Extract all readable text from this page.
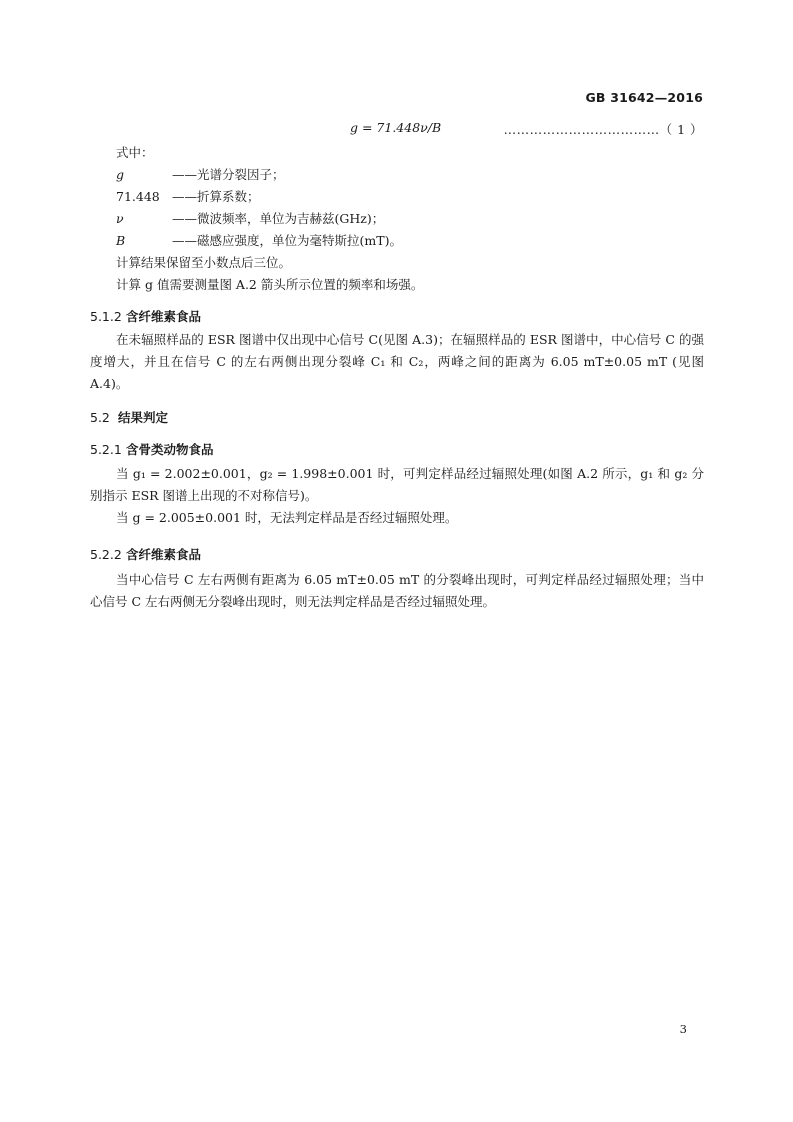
GB 31642—2016
g = 71.448ν/B	………………………………（ 1 ）
式中：
g	——光谱分裂因子；
71.448 ——折算系数；
ν	——微波频率，单位为吉赫兹(GHz)；
B	——磁感应强度，单位为毫特斯拉(mT)。
计算结果保留至小数点后三位。
计算 g 值需要测量图 A.2 箭头所示位置的频率和场强。
5.1.2 含纤维素食品

在未辐照样品的 ESR 图谱中仅出现中心信号 C(见图 A.3)；在辐照样品的 ESR 图谱中，中心信号 C 的强度增大，并且在信号 C 的左右两侧出现分裂峰 C₁ 和 C₂，两峰之间的距离为 6.05 mT±0.05 mT (见图 A.4)。

5.2 结果判定
5.2.1 含骨类动物食品

当 g₁ = 2.002±0.001，g₂ = 1.998±0.001 时，可判定样品经过辐照处理(如图 A.2 所示，g₁ 和 g₂ 分别指示 ESR 图谱上出现的不对称信号)。

当 g = 2.005±0.001 时，无法判定样品是否经过辐照处理。

5.2.2 含纤维素食品

当中心信号 C 左右两侧有距离为 6.05 mT±0.05 mT 的分裂峰出现时，可判定样品经过辐照处理；当中心信号 C 左右两侧无分裂峰出现时，则无法判定样品是否经过辐照处理。

3
